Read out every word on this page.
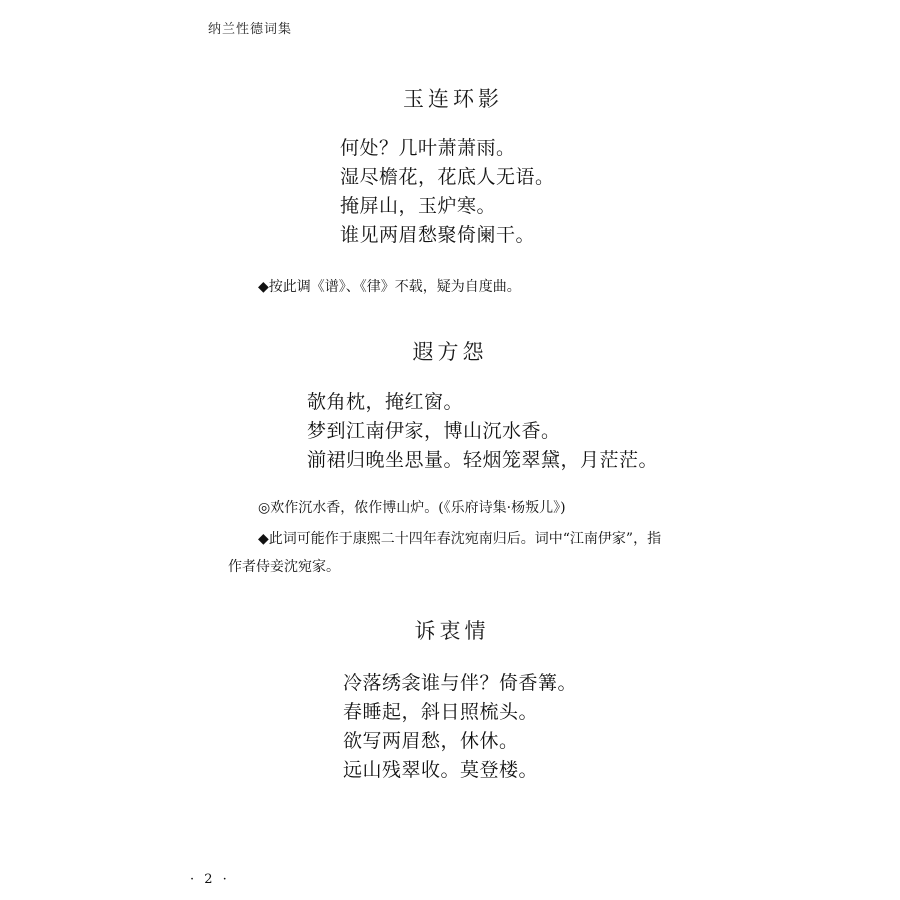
纳兰性德词集
玉连环影
何处？几叶萧萧雨。
湿尽檐花，花底人无语。
掩屏山，玉炉寒。
谁见两眉愁聚倚阑干。
◆按此调《谱》、《律》不载，疑为自度曲。
遐方怨
欹角枕，掩红窗。
梦到江南伊家，博山沉水香。
湔裙归晚坐思量。轻烟笼翠黛，月茫茫。
◎欢作沉水香，侬作博山炉。(《乐府诗集·杨叛儿》)
◆此词可能作于康熙二十四年春沈宛南归后。词中“江南伊家”，指
作者侍妾沈宛家。
诉衷情
冷落绣衾谁与伴？倚香篝。
春睡起，斜日照梳头。
欲写两眉愁，休休。
远山残翠收。莫登楼。
· 2 ·
